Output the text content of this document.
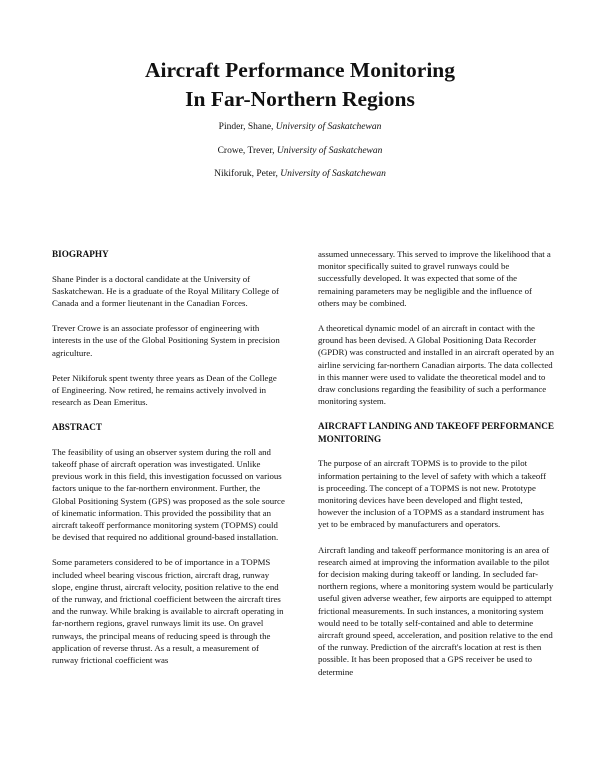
Aircraft Performance Monitoring
In Far-Northern Regions
Pinder, Shane, University of Saskatchewan
Crowe, Trever, University of Saskatchewan
Nikiforuk, Peter, University of Saskatchewan

BIOGRAPHY

Shane Pinder is a doctoral candidate at the University of Saskatchewan. He is a graduate of the Royal Military College of Canada and a former lieutenant in the Canadian Forces.

Trever Crowe is an associate professor of engineering with interests in the use of the Global Positioning System in precision agriculture.

Peter Nikiforuk spent twenty three years as Dean of the College of Engineering. Now retired, he remains actively involved in research as Dean Emeritus.

ABSTRACT

The feasibility of using an observer system during the roll and takeoff phase of aircraft operation was investigated. Unlike previous work in this field, this investigation focussed on various factors unique to the far-northern environment. Further, the Global Positioning System (GPS) was proposed as the sole source of kinematic information. This provided the possibility that an aircraft takeoff performance monitoring system (TOPMS) could be devised that required no additional ground-based installation.

Some parameters considered to be of importance in a TOPMS included wheel bearing viscous friction, aircraft drag, runway slope, engine thrust, aircraft velocity, position relative to the end of the runway, and frictional coefficient between the aircraft tires and the runway. While braking is available to aircraft operating in far-northern regions, gravel runways limit its use. On gravel runways, the principal means of reducing speed is through the application of reverse thrust. As a result, a measurement of runway frictional coefficient was

assumed unnecessary. This served to improve the likelihood that a monitor specifically suited to gravel runways could be successfully developed. It was expected that some of the remaining parameters may be negligible and the influence of others may be combined.

A theoretical dynamic model of an aircraft in contact with the ground has been devised. A Global Positioning Data Recorder (GPDR) was constructed and installed in an aircraft operated by an airline servicing far-northern Canadian airports. The data collected in this manner were used to validate the theoretical model and to draw conclusions regarding the feasibility of such a performance monitoring system.

AIRCRAFT LANDING AND TAKEOFF PERFORMANCE MONITORING

The purpose of an aircraft TOPMS is to provide to the pilot information pertaining to the level of safety with which a takeoff is proceeding. The concept of a TOPMS is not new. Prototype monitoring devices have been developed and flight tested, however the inclusion of a TOPMS as a standard instrument has yet to be embraced by manufacturers and operators.

Aircraft landing and takeoff performance monitoring is an area of research aimed at improving the information available to the pilot for decision making during takeoff or landing. In secluded far-northern regions, where a monitoring system would be particularly useful given adverse weather, few airports are equipped to attempt frictional measurements. In such instances, a monitoring system would need to be totally self-contained and able to determine aircraft ground speed, acceleration, and position relative to the end of the runway. Prediction of the aircraft's location at rest is then possible. It has been proposed that a GPS receiver be used to determine
